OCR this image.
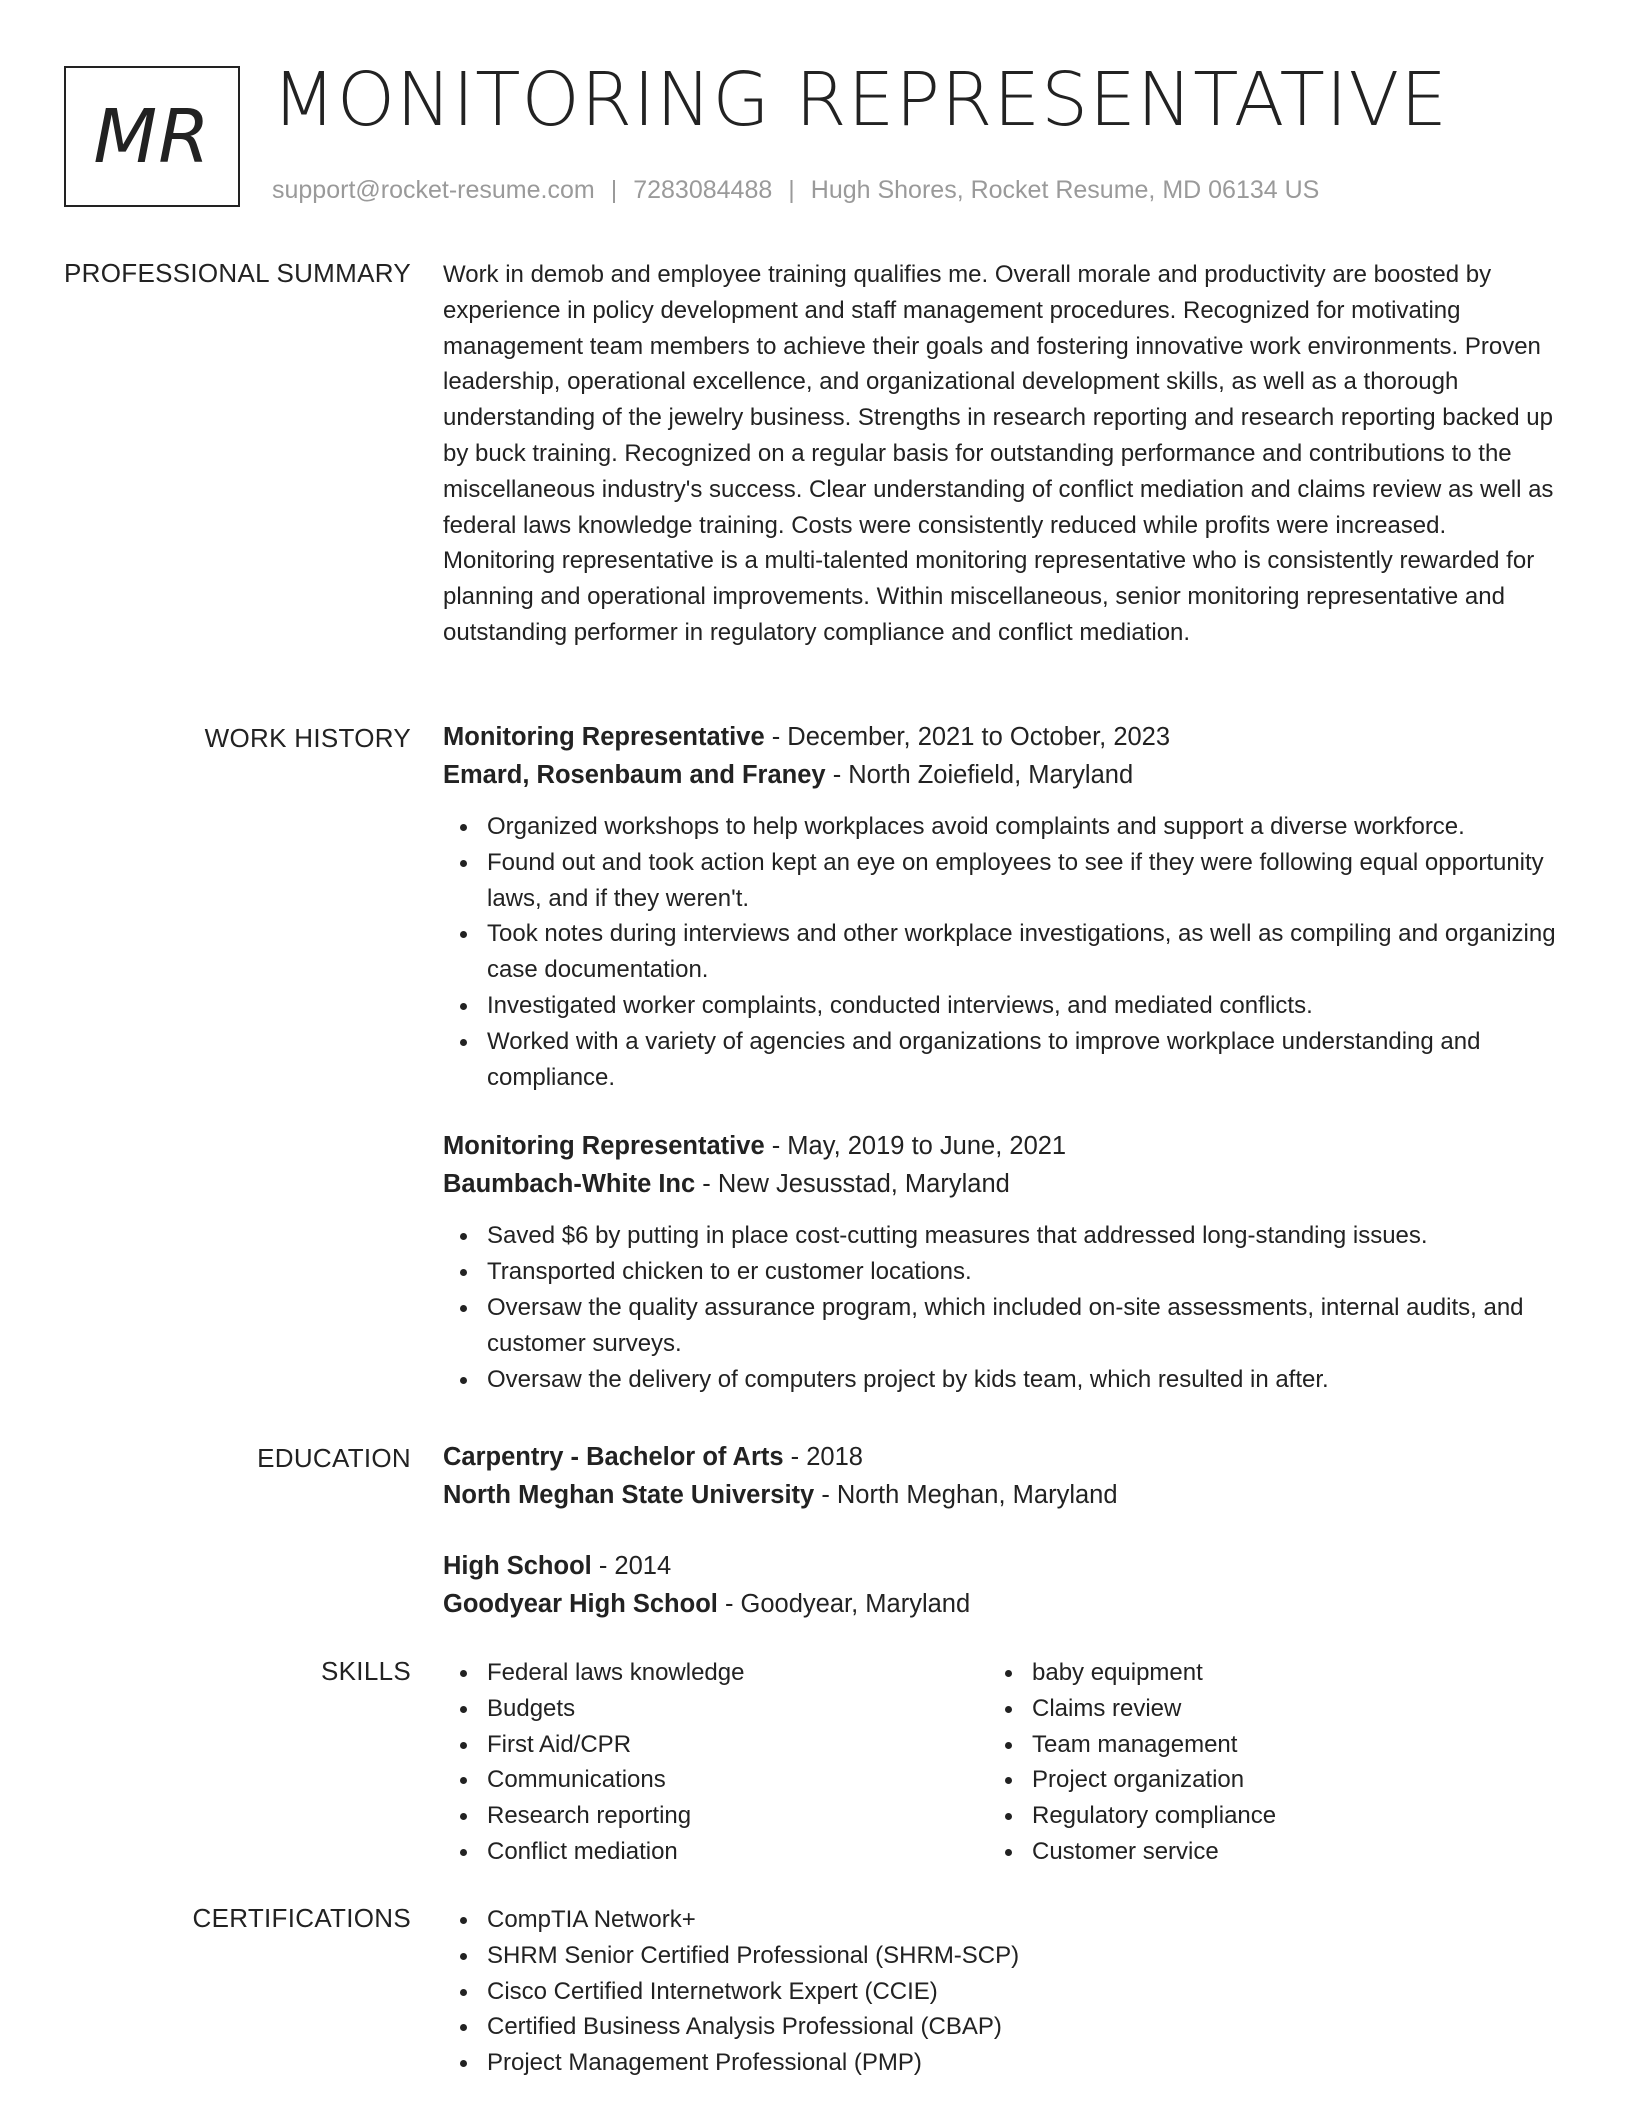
MR MONITORING REPRESENTATIVE
support@rocket-resume.com | 7283084488 | Hugh Shores, Rocket Resume, MD 06134 US
PROFESSIONAL SUMMARY Work in demob and employee training qualifies me. Overall morale and productivity are boosted by experience in policy development and staff management procedures. Recognized for motivating management team members to achieve their goals and fostering innovative work environments. Proven leadership, operational excellence, and organizational development skills, as well as a thorough understanding of the jewelry business. Strengths in research reporting and research reporting backed up by buck training. Recognized on a regular basis for outstanding performance and contributions to the miscellaneous industry's success. Clear understanding of conflict mediation and claims review as well as federal laws knowledge training. Costs were consistently reduced while profits were increased. Monitoring representative is a multi-talented monitoring representative who is consistently rewarded for planning and operational improvements. Within miscellaneous, senior monitoring representative and outstanding performer in regulatory compliance and conflict mediation.

WORK HISTORY Monitoring Representative - December, 2021 to October, 2023
Emard, Rosenbaum and Franey - North Zoiefield, Maryland
Organized workshops to help workplaces avoid complaints and support a diverse workforce.
Found out and took action kept an eye on employees to see if they were following equal opportunity laws, and if they weren't.
Took notes during interviews and other workplace investigations, as well as compiling and organizing case documentation.
Investigated worker complaints, conducted interviews, and mediated conflicts.
Worked with a variety of agencies and organizations to improve workplace understanding and compliance.
Monitoring Representative - May, 2019 to June, 2021
Baumbach-White Inc - New Jesusstad, Maryland
Saved $6 by putting in place cost-cutting measures that addressed long-standing issues.
Transported chicken to er customer locations.
Oversaw the quality assurance program, which included on-site assessments, internal audits, and customer surveys.
Oversaw the delivery of computers project by kids team, which resulted in after.
EDUCATION Carpentry - Bachelor of Arts - 2018
North Meghan State University - North Meghan, Maryland
High School - 2014
Goodyear High School - Goodyear, Maryland
SKILLS	Federal laws knowledge
Budgets
First Aid/CPR
Communications
Research reporting
Conflict mediation
baby equipment
Claims review
Team management
Project organization
Regulatory compliance
Customer service
CERTIFICATIONS	CompTIA Network+
SHRM Senior Certified Professional (SHRM-SCP)
Cisco Certified Internetwork Expert (CCIE)
Certified Business Analysis Professional (CBAP)
Project Management Professional (PMP)
